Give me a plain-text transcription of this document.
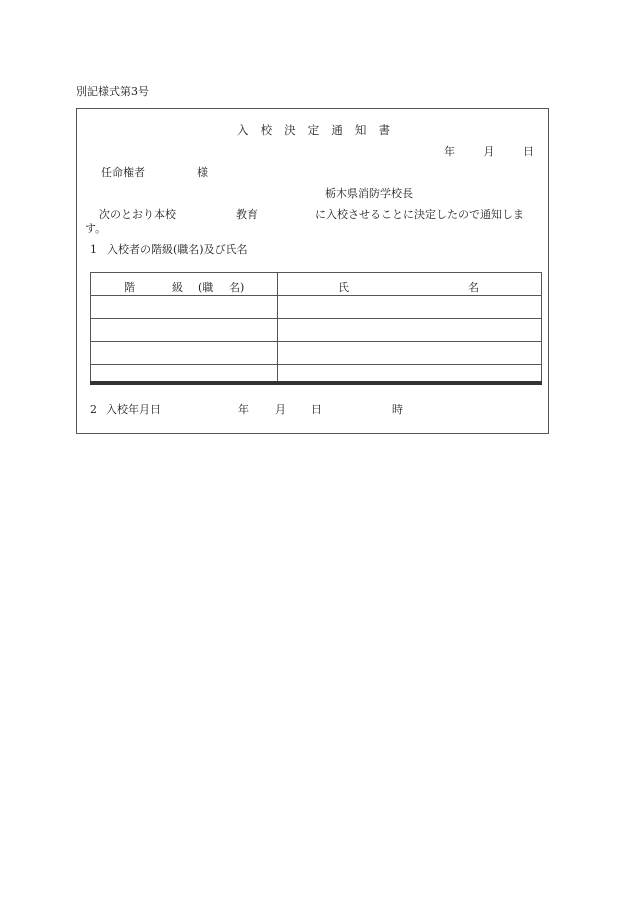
別記様式第3号
入 校 決 定 通 知 書
年	月	日
任命権者	様
栃木県消防学校長
次のとおり本校	教育	に入校させることに決定したので通知しま
す。
1 入校者の階級(職名)及び氏名
階 級 (職 名)	氏 名

2 入校年月日	年 月 日	時
